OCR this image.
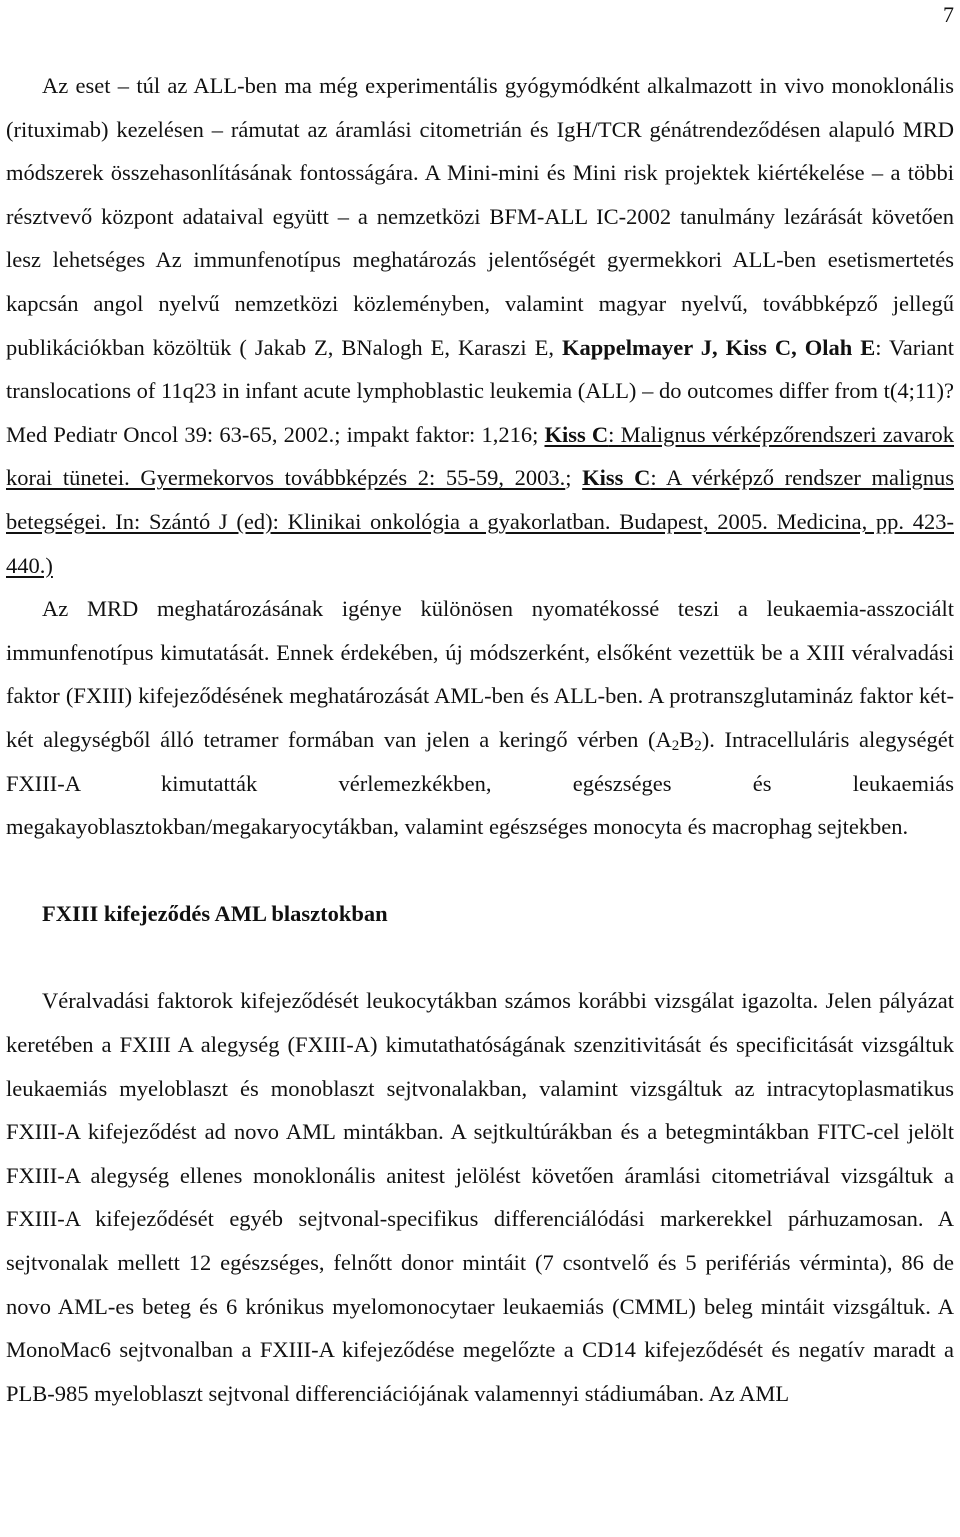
7

Az eset – túl az ALL-ben ma még experimentális gyógymódként alkalmazott in vivo monoklonális (rituximab) kezelésen – rámutat az áramlási citometrián és IgH/TCR génátrendeződésen alapuló MRD módszerek összehasonlításának fontosságára. A Mini-mini és Mini risk projektek kiértékelése – a többi résztvevő központ adataival együtt – a nemzetközi BFM-ALL IC-2002 tanulmány lezárását követően lesz lehetséges Az immunfenotípus meghatározás jelentőségét gyermekkori ALL-ben esetismertetés kapcsán angol nyelvű nemzetközi közleményben, valamint magyar nyelvű, továbbképző jellegű publikációkban közöltük ( Jakab Z, BNalogh E, Karaszi E, Kappelmayer J, Kiss C, Olah E: Variant translocations of 11q23 in infant acute lymphoblastic leukemia (ALL) – do outcomes differ from t(4;11)? Med Pediatr Oncol 39: 63-65, 2002.; impakt faktor: 1,216; Kiss C: Malignus vérképzőrendszeri zavarok korai tünetei. Gyermekorvos továbbképzés 2: 55-59, 2003.; Kiss C: A vérképző rendszer malignus betegségei. In: Szántó J (ed): Klinikai onkológia a gyakorlatban. Budapest, 2005. Medicina, pp. 423-440.)

Az MRD meghatározásának igénye különösen nyomatékossé teszi a leukaemia-asszociált immunfenotípus kimutatását. Ennek érdekében, új módszerként, elsőként vezettük be a XIII véralvadási faktor (FXIII) kifejeződésének meghatározását AML-ben és ALL-ben. A protranszglutamináz faktor két-két alegységből álló tetramer formában van jelen a keringő vérben $(A_2B_2)$. Intracelluláris alegységét FXIII-A kimutatták vérlemezkékben, egészséges és leukaemiás megakayoblasztokban/megakaryocytákban, valamint egészséges monocyta és macrophag sejtekben.

FXIII kifejeződés AML blasztokban

Véralvadási faktorok kifejeződését leukocytákban számos korábbi vizsgálat igazolta. Jelen pályázat keretében a FXIII A alegység (FXIII-A) kimutathatóságának szenzitivitását és specificitását vizsgáltuk leukaemiás myeloblaszt és monoblaszt sejtvonalakban, valamint vizsgáltuk az intracytoplasmatikus FXIII-A kifejeződést ad novo AML mintákban. A sejtkultúrákban és a betegmintákban FITC-cel jelölt FXIII-A alegység ellenes monoklonális anitest jelölést követően áramlási citometriával vizsgáltuk a FXIII-A kifejeződését egyéb sejtvonal-specifikus differenciálódási markerekkel párhuzamosan. A sejtvonalak mellett 12 egészséges, felnőtt donor mintáit (7 csontvelő és 5 perifériás vérminta), 86 de novo AML-es beteg és 6 krónikus myelomonocytaer leukaemiás (CMML) beleg mintáit vizsgáltuk. A MonoMac6 sejtvonalban a FXIII-A kifejeződése megelőzte a CD14 kifejeződését és negatív maradt a PLB-985 myeloblaszt sejtvonal differenciációjának valamennyi stádiumában. Az AML
